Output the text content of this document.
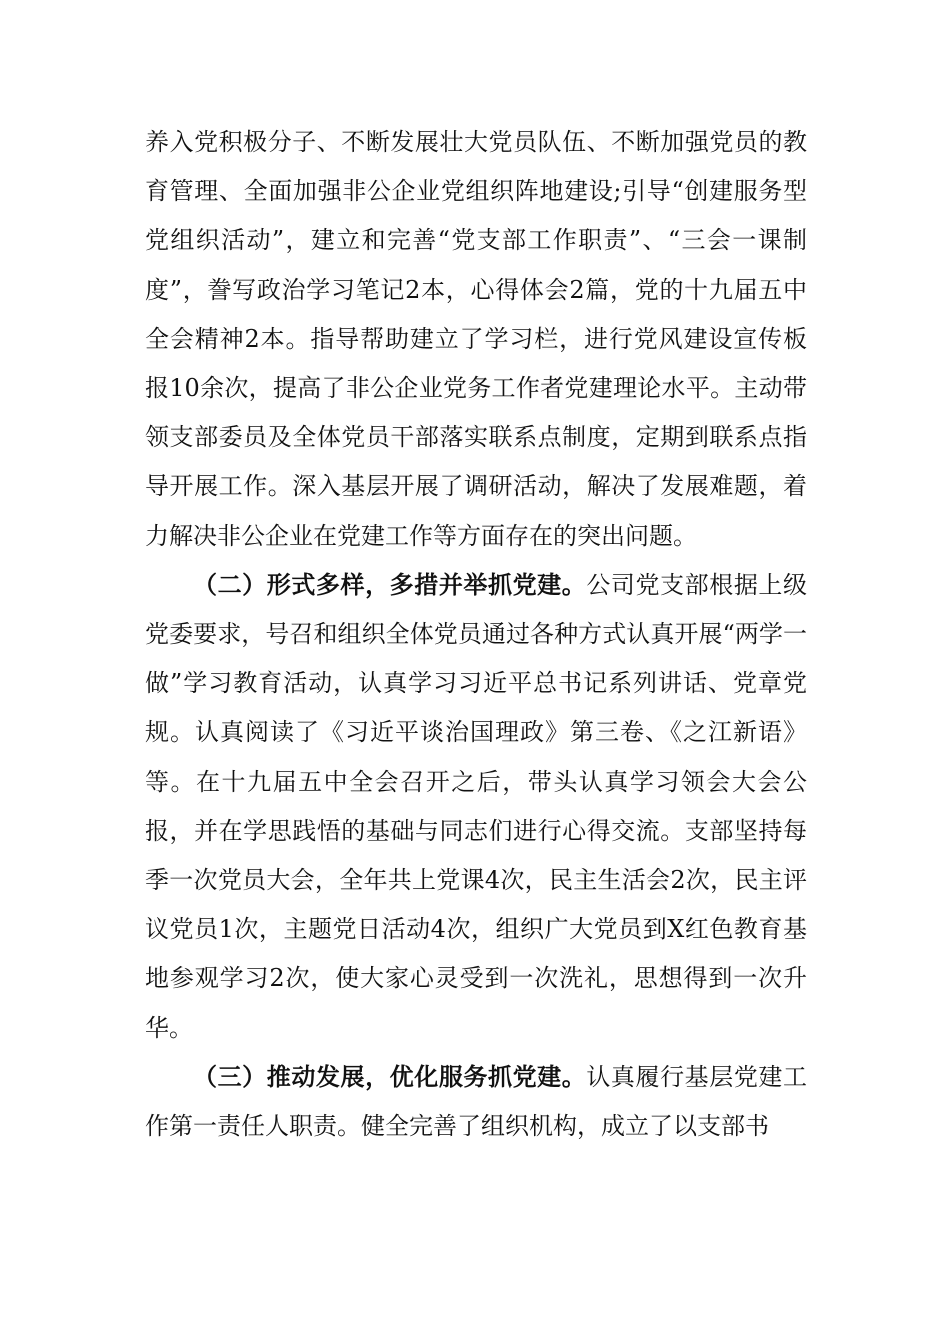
养入党积极分子、不断发展壮大党员队伍、不断加强党员的教育管理、全面加强非公企业党组织阵地建设;引导“创建服务型党组织活动”，建立和完善“党支部工作职责”、“三会一课制度”，誊写政治学习笔记2本，心得体会2篇，党的十九届五中全会精神2本。指导帮助建立了学习栏，进行党风建设宣传板报10余次，提高了非公企业党务工作者党建理论水平。主动带领支部委员及全体党员干部落实联系点制度，定期到联系点指导开展工作。深入基层开展了调研活动，解决了发展难题，着力解决非公企业在党建工作等方面存在的突出问题。

（二）形式多样，多措并举抓党建。公司党支部根据上级党委要求，号召和组织全体党员通过各种方式认真开展“两学一做”学习教育活动，认真学习习近平总书记系列讲话、党章党规。认真阅读了《习近平谈治国理政》第三卷、《之江新语》等。在十九届五中全会召开之后，带头认真学习领会大会公报，并在学思践悟的基础与同志们进行心得交流。支部坚持每季一次党员大会，全年共上党课4次，民主生活会2次，民主评议党员1次，主题党日活动4次，组织广大党员到X红色教育基地参观学习2次，使大家心灵受到一次洗礼，思想得到一次升华。

（三）推动发展，优化服务抓党建。认真履行基层党建工作第一责任人职责。健全完善了组织机构，成立了以支部书
